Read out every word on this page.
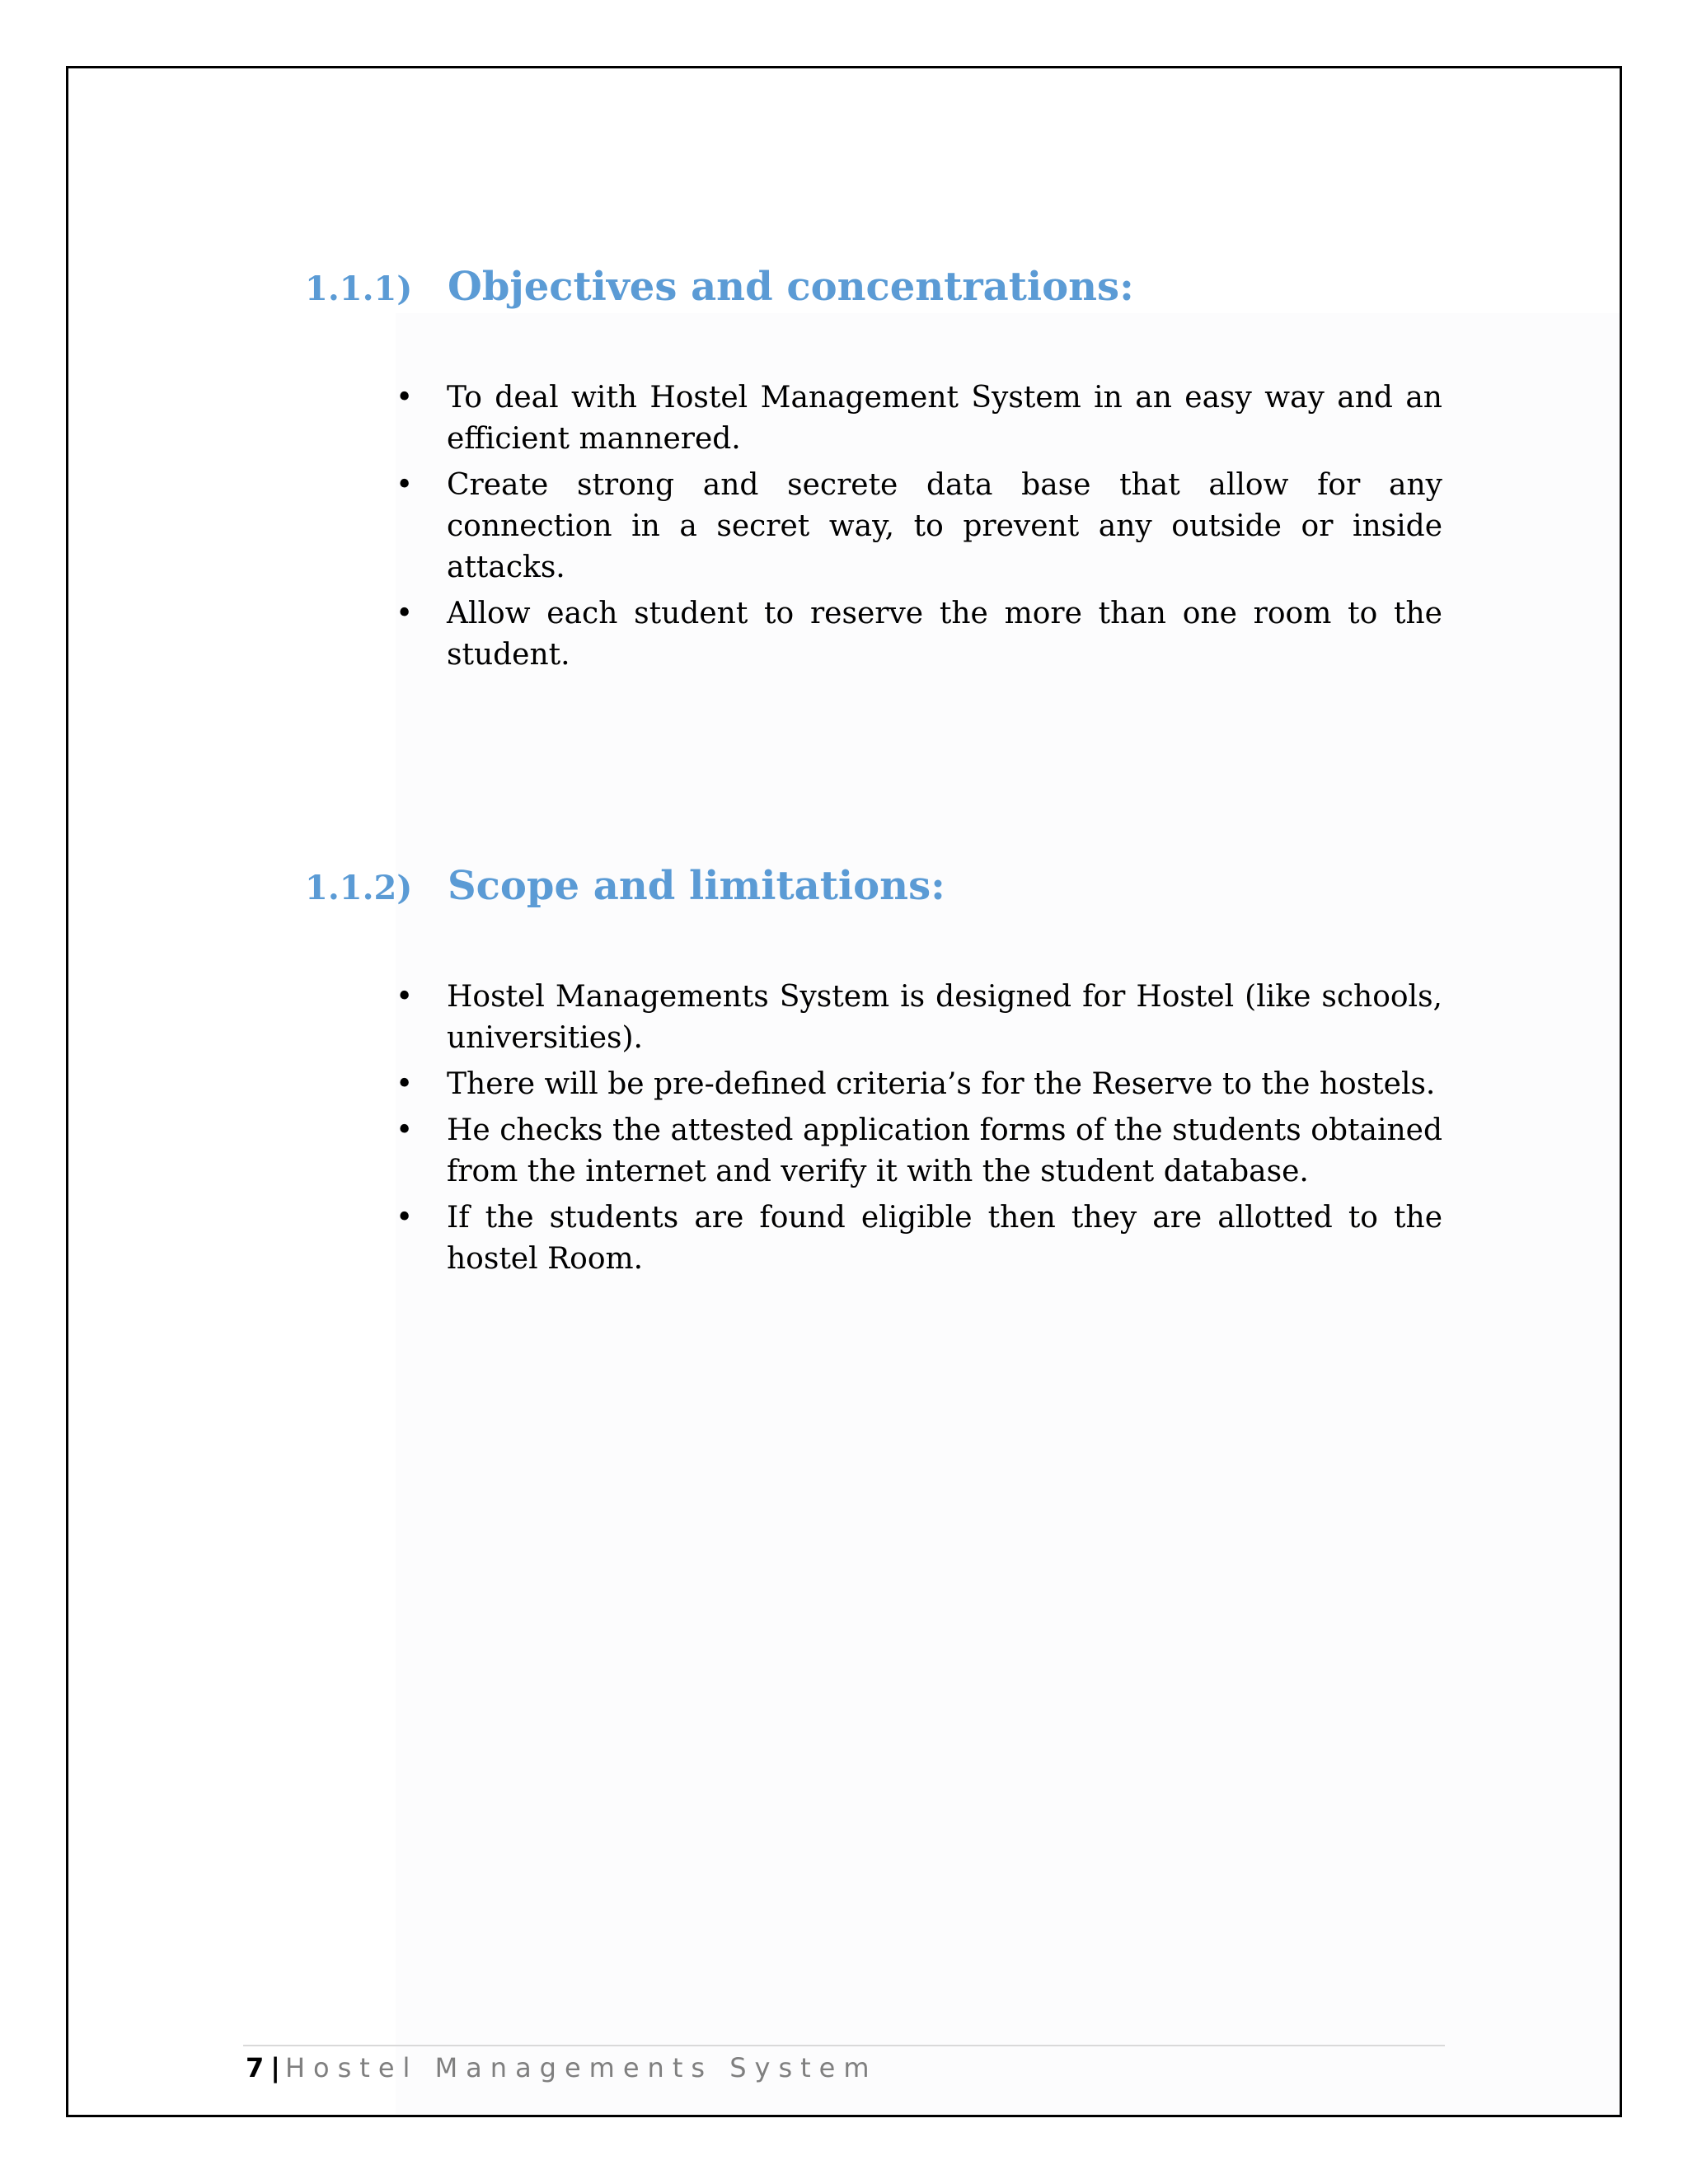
1.1.1) Objectives and concentrations:
• To deal with Hostel Management System in an easy way and an efficient mannered.
• Create strong and secrete data base that allow for any connection in a secret way, to prevent any outside or inside attacks.
• Allow each student to reserve the more than one room to the student.
1.1.2) Scope and limitations:
• Hostel Managements System is designed for Hostel (like schools, universities).
• There will be pre-defined criteria’s for the Reserve to the hostels.
• He checks the attested application forms of the students obtained from the internet and verify it with the student database.
• If the students are found eligible then they are allotted to the hostel Room.
7 | Hostel Managements System
